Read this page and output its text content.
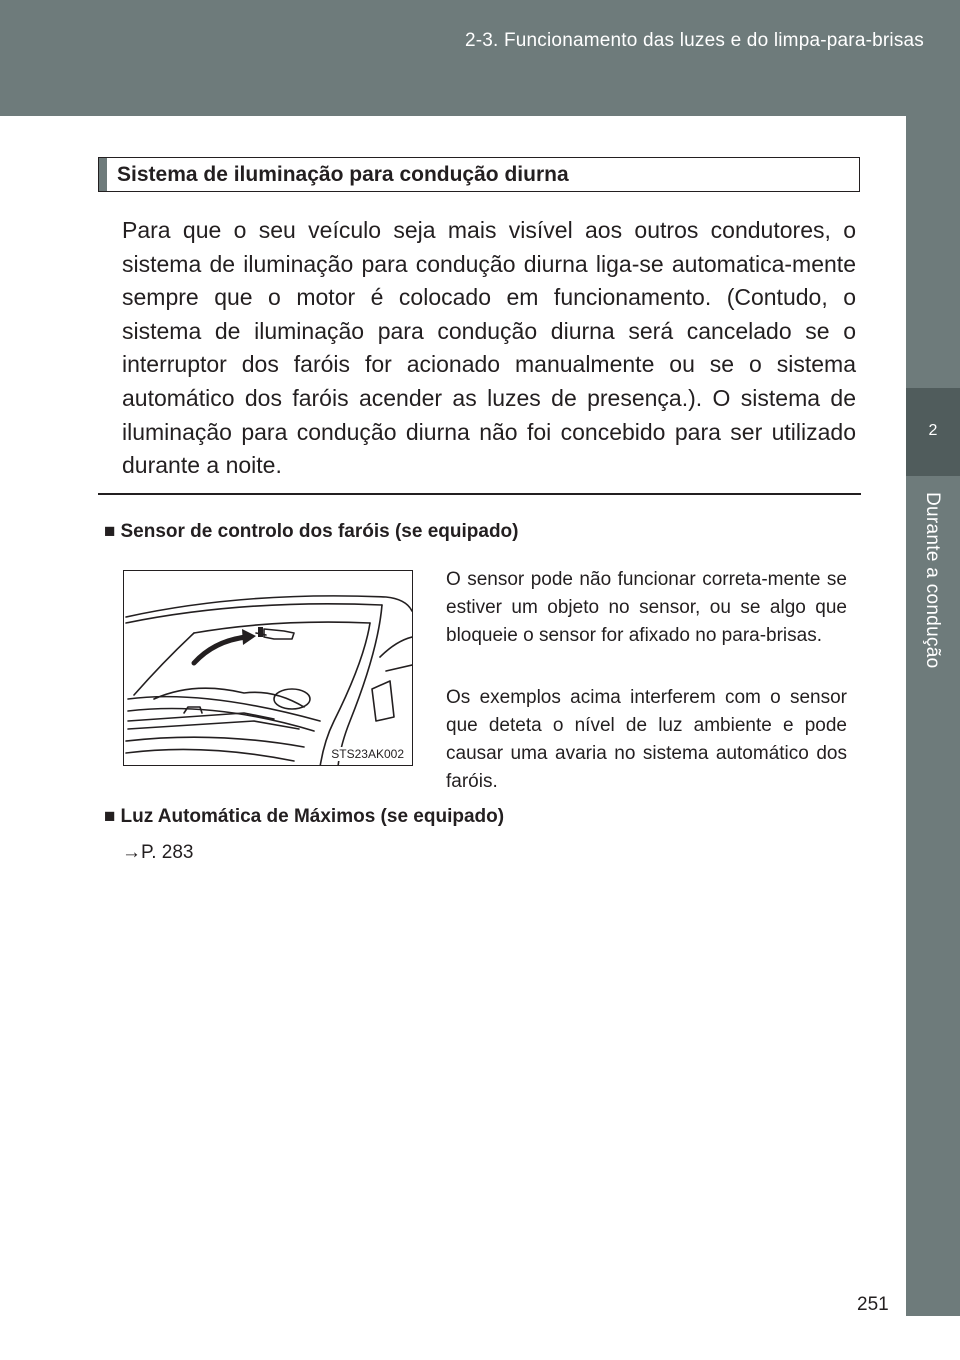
2-3. Funcionamento das luzes e do limpa-para-brisas
2
Durante a condução
Sistema de iluminação para condução diurna
Para que o seu veículo seja mais visível aos outros condutores, o sistema de iluminação para condução diurna liga-se automatica-mente sempre que o motor é colocado em funcionamento. (Contudo, o sistema de iluminação para condução diurna será cancelado se o interruptor dos faróis for acionado manualmente ou se o sistema automático dos faróis acender as luzes de presença.). O sistema de iluminação para condução diurna não foi concebido para ser utilizado durante a noite.
■ Sensor de controlo dos faróis (se equipado)
STS23AK002
O sensor pode não funcionar correta-mente se estiver um objeto no sensor, ou se algo que bloqueie o sensor for afixado no para-brisas.
Os exemplos acima interferem com o sensor que deteta o nível de luz ambiente e pode causar uma avaria no sistema automático dos faróis.
■ Luz Automática de Máximos (se equipado)
→P. 283
251
